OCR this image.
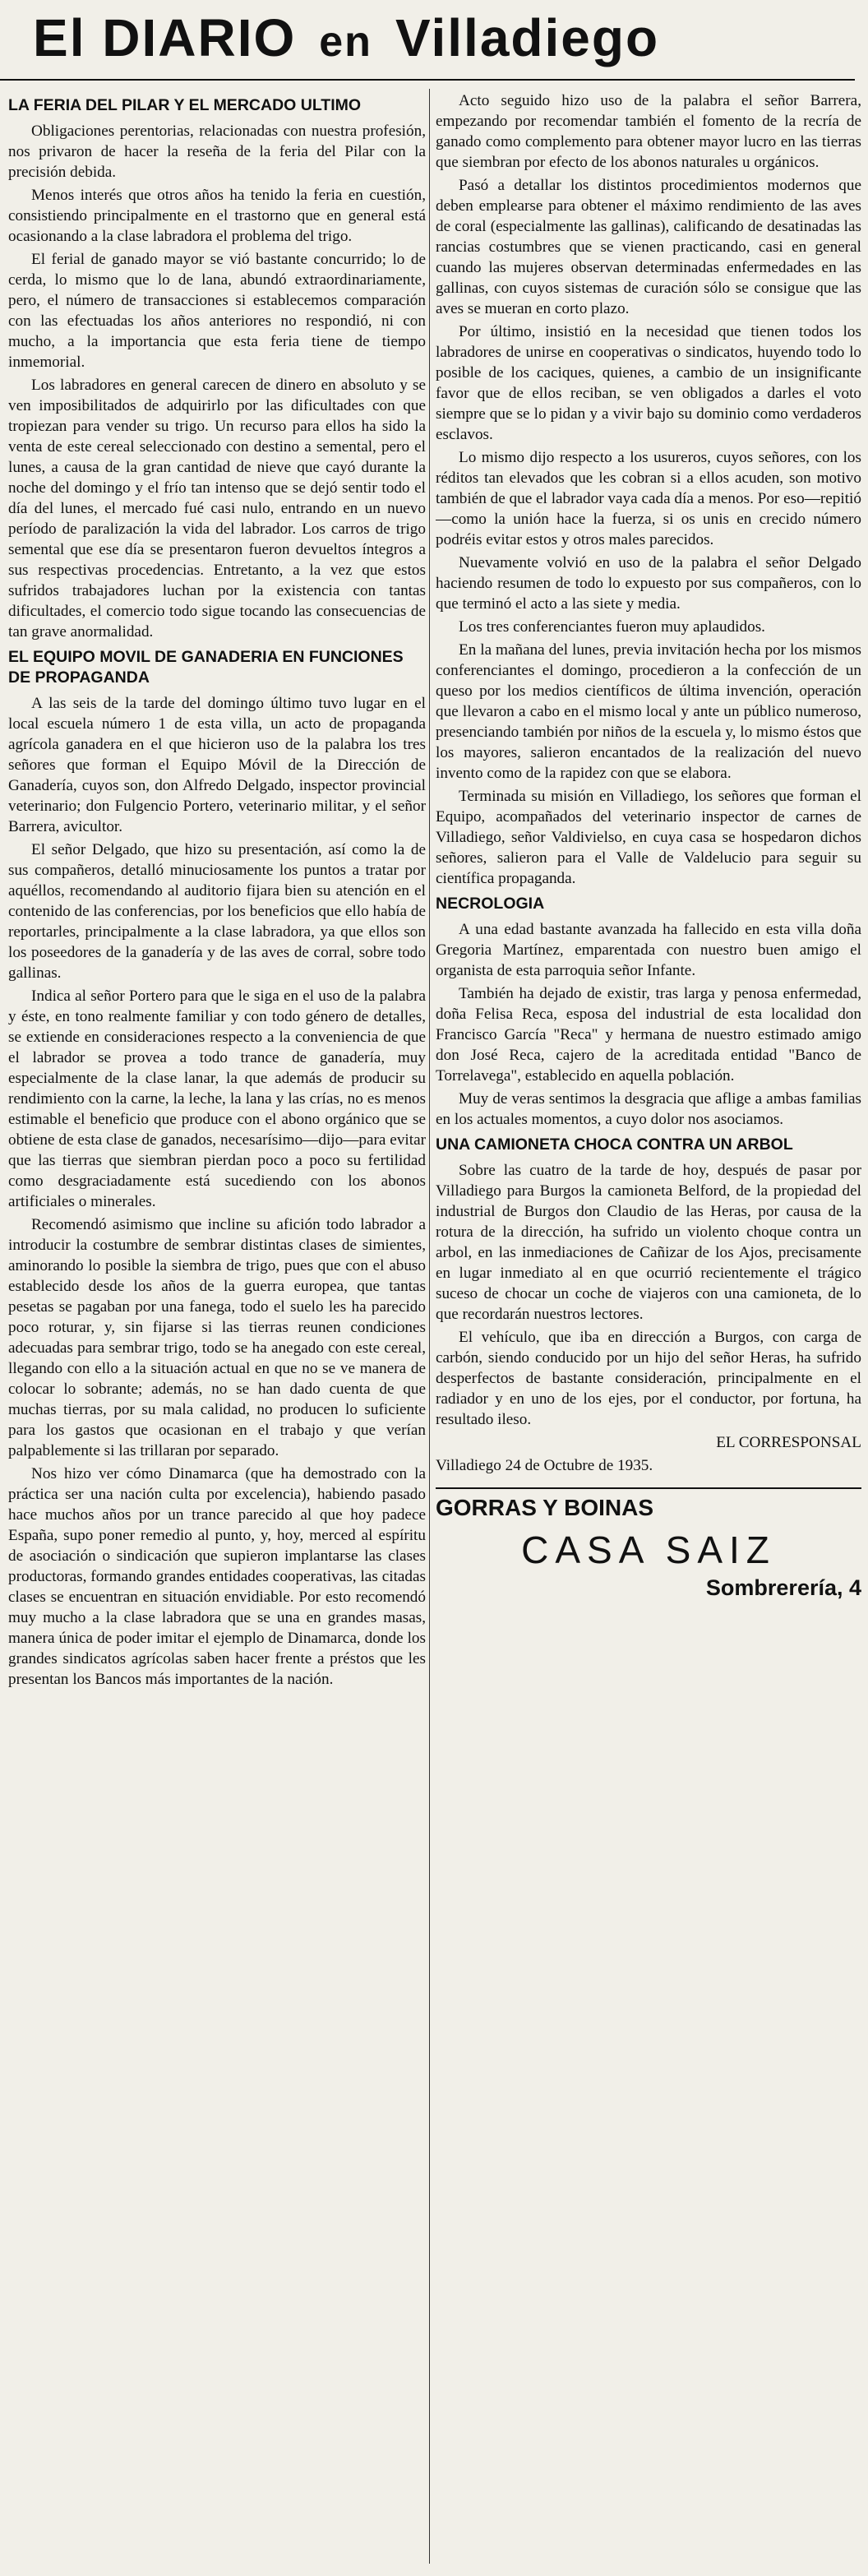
El DIARIO en Villadiego
LA FERIA DEL PILAR Y EL MERCADO ULTIMO

Obligaciones perentorias, relacionadas con nuestra profesión, nos privaron de hacer la reseña de la feria del Pilar con la precisión debida.

Menos interés que otros años ha tenido la feria en cuestión, consistiendo principalmente en el trastorno que en general está ocasionando a la clase labradora el problema del trigo.

El ferial de ganado mayor se vió bastante concurrido; lo de cerda, lo mismo que lo de lana, abundó extraordinariamente, pero, el número de transacciones si establecemos comparación con las efectuadas los años anteriores no respondió, ni con mucho, a la importancia que esta feria tiene de tiempo inmemorial.

Los labradores en general carecen de dinero en absoluto y se ven imposibilitados de adquirirlo por las dificultades con que tropiezan para vender su trigo. Un recurso para ellos ha sido la venta de este cereal seleccionado con destino a semental, pero el lunes, a causa de la gran cantidad de nieve que cayó durante la noche del domingo y el frío tan intenso que se dejó sentir todo el día del lunes, el mercado fué casi nulo, entrando en un nuevo período de paralización la vida del labrador. Los carros de trigo semental que ese día se presentaron fueron devueltos íntegros a sus respectivas procedencias. Entretanto, a la vez que estos sufridos trabajadores luchan por la existencia con tantas dificultades, el comercio todo sigue tocando las consecuencias de tan grave anormalidad.

EL EQUIPO MOVIL DE GANADERIA EN FUNCIONES DE PROPAGANDA

A las seis de la tarde del domingo último tuvo lugar en el local escuela número 1 de esta villa, un acto de propaganda agrícola ganadera en el que hicieron uso de la palabra los tres señores que forman el Equipo Móvil de la Dirección de Ganadería, cuyos son, don Alfredo Delgado, inspector provincial veterinario; don Fulgencio Portero, veterinario militar, y el señor Barrera, avicultor.

El señor Delgado, que hizo su presentación, así como la de sus compañeros, detalló minuciosamente los puntos a tratar por aquéllos, recomendando al auditorio fijara bien su atención en el contenido de las conferencias, por los beneficios que ello había de reportarles, principalmente a la clase labradora, ya que ellos son los poseedores de la ganadería y de las aves de corral, sobre todo gallinas.

Indica al señor Portero para que le siga en el uso de la palabra y éste, en tono realmente familiar y con todo género de detalles, se extiende en consideraciones respecto a la conveniencia de que el labrador se provea a todo trance de ganadería, muy especialmente de la clase lanar, la que además de producir su rendimiento con la carne, la leche, la lana y las crías, no es menos estimable el beneficio que produce con el abono orgánico que se obtiene de esta clase de ganados, necesarísimo—dijo—para evitar que las tierras que siembran pierdan poco a poco su fertilidad como desgraciadamente está sucediendo con los abonos artificiales o minerales.

Recomendó asimismo que incline su afición todo labrador a introducir la costumbre de sembrar distintas clases de simientes, aminorando lo posible la siembra de trigo, pues que con el abuso establecido desde los años de la guerra europea, que tantas pesetas se pagaban por una fanega, todo el suelo les ha parecido poco roturar, y, sin fijarse si las tierras reunen condiciones adecuadas para sembrar trigo, todo se ha anegado con este cereal, llegando con ello a la situación actual en que no se ve manera de colocar lo sobrante; además, no se han dado cuenta de que muchas tierras, por su mala calidad, no producen lo suficiente para los gastos que ocasionan en el trabajo y que verían palpablemente si las trillaran por separado.

Nos hizo ver cómo Dinamarca (que ha demostrado con la práctica ser una nación culta por excelencia), habiendo pasado hace muchos años por un trance parecido al que hoy padece España, supo poner remedio al punto, y, hoy, merced al espíritu de asociación o sindicación que supieron implantarse las clases productoras, formando grandes entidades cooperativas, las citadas clases se encuentran en situación envidiable. Por esto recomendó muy mucho a la clase labradora que se una en grandes masas, manera única de poder imitar el ejemplo de Dinamarca, donde los grandes sindicatos agrícolas saben hacer frente a préstos que les presentan los Bancos más importantes de la nación.

Acto seguido hizo uso de la palabra el señor Barrera, empezando por recomendar también el fomento de la recría de ganado como complemento para obtener mayor lucro en las tierras que siembran por efecto de los abonos naturales u orgánicos.

Pasó a detallar los distintos procedimientos modernos que deben emplearse para obtener el máximo rendimiento de las aves de coral (especialmente las gallinas), calificando de desatinadas las rancias costumbres que se vienen practicando, casi en general cuando las mujeres observan determinadas enfermedades en las gallinas, con cuyos sistemas de curación sólo se consigue que las aves se mueran en corto plazo.

Por último, insistió en la necesidad que tienen todos los labradores de unirse en cooperativas o sindicatos, huyendo todo lo posible de los caciques, quienes, a cambio de un insignificante favor que de ellos reciban, se ven obligados a darles el voto siempre que se lo pidan y a vivir bajo su dominio como verdaderos esclavos.

Lo mismo dijo respecto a los usureros, cuyos señores, con los réditos tan elevados que les cobran si a ellos acuden, son motivo también de que el labrador vaya cada día a menos. Por eso—repitió—como la unión hace la fuerza, si os unis en crecido número podréis evitar estos y otros males parecidos.

Nuevamente volvió en uso de la palabra el señor Delgado haciendo resumen de todo lo expuesto por sus compañeros, con lo que terminó el acto a las siete y media.

Los tres conferenciantes fueron muy aplaudidos.

En la mañana del lunes, previa invitación hecha por los mismos conferenciantes el domingo, procedieron a la confección de un queso por los medios científicos de última invención, operación que llevaron a cabo en el mismo local y ante un público numeroso, presenciando también por niños de la escuela y, lo mismo éstos que los mayores, salieron encantados de la realización del nuevo invento como de la rapidez con que se elabora.

Terminada su misión en Villadiego, los señores que forman el Equipo, acompañados del veterinario inspector de carnes de Villadiego, señor Valdivielso, en cuya casa se hospedaron dichos señores, salieron para el Valle de Valdelucio para seguir su científica propaganda.

NECROLOGIA

A una edad bastante avanzada ha fallecido en esta villa doña Gregoria Martínez, emparentada con nuestro buen amigo el organista de esta parroquia señor Infante.

También ha dejado de existir, tras larga y penosa enfermedad, doña Felisa Reca, esposa del industrial de esta localidad don Francisco García "Reca" y hermana de nuestro estimado amigo don José Reca, cajero de la acreditada entidad "Banco de Torrelavega", establecido en aquella población.

Muy de veras sentimos la desgracia que aflige a ambas familias en los actuales momentos, a cuyo dolor nos asociamos.

UNA CAMIONETA CHOCA CONTRA UN ARBOL

Sobre las cuatro de la tarde de hoy, después de pasar por Villadiego para Burgos la camioneta Belford, de la propiedad del industrial de Burgos don Claudio de las Heras, por causa de la rotura de la dirección, ha sufrido un violento choque contra un arbol, en las inmediaciones de Cañizar de los Ajos, precisamente en lugar inmediato al en que ocurrió recientemente el trágico suceso de chocar un coche de viajeros con una camioneta, de lo que recordarán nuestros lectores.

El vehículo, que iba en dirección a Burgos, con carga de carbón, siendo conducido por un hijo del señor Heras, ha sufrido desperfectos de bastante consideración, principalmente en el radiador y en uno de los ejes, por el conductor, por fortuna, ha resultado ileso.

EL CORRESPONSAL

Villadiego 24 de Octubre de 1935.

GORRAS Y BOINAS
CASA SAIZ
Sombrerería, 4
